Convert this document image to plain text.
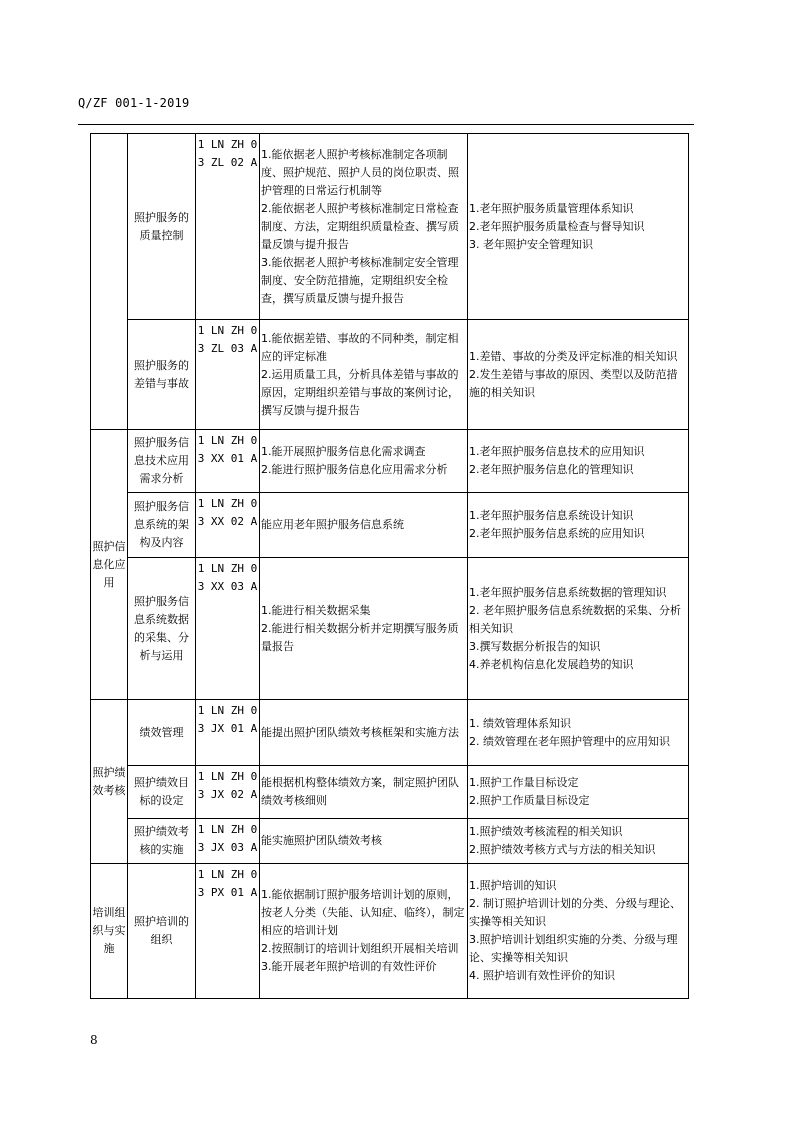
Q/ZF 001-1-2019
	照护服务的质量控制	1 LN ZH 03 ZL 02 A	1.能依据老人照护考核标准制定各项制度、照护规范、照护人员的岗位职责、照护管理的日常运行机制等
2.能依据老人照护考核标准制定日常检查制度、方法，定期组织质量检查、撰写质量反馈与提升报告
3.能依据老人照护考核标准制定安全管理制度、安全防范措施，定期组织安全检查，撰写质量反馈与提升报告	1.老年照护服务质量管理体系知识
2.老年照护服务质量检查与督导知识
3. 老年照护安全管理知识

	照护服务的差错与事故	1 LN ZH 03 ZL 03 A	1.能依据差错、事故的不同种类，制定相应的评定标准
2.运用质量工具，分析具体差错与事故的原因，定期组织差错与事故的案例讨论，撰写反馈与提升报告	1.差错、事故的分类及评定标准的相关知识
2.发生差错与事故的原因、类型以及防范措施的相关知识

照护信息化应用	照护服务信息技术应用需求分析	1 LN ZH 03 XX 01 A	1.能开展照护服务信息化需求调查
2.能进行照护服务信息化应用需求分析	1.老年照护服务信息技术的应用知识
2.老年照护服务信息化的管理知识

	照护服务信息系统的架构及内容	1 LN ZH 03 XX 02 A	能应用老年照护服务信息系统	1.老年照护服务信息系统设计知识
2.老年照护服务信息系统的应用知识

	照护服务信息系统数据的采集、分析与运用	1 LN ZH 03 XX 03 A	1.能进行相关数据采集
2.能进行相关数据分析并定期撰写服务质量报告	1.老年照护服务信息系统数据的管理知识
2. 老年照护服务信息系统数据的采集、分析相关知识
3.撰写数据分析报告的知识
4.养老机构信息化发展趋势的知识

照护绩效考核	绩效管理	1 LN ZH 03 JX 01 A	能提出照护团队绩效考核框架和实施方法	1. 绩效管理体系知识
2. 绩效管理在老年照护管理中的应用知识

	照护绩效目标的设定	1 LN ZH 03 JX 02 A	能根据机构整体绩效方案，制定照护团队绩效考核细则	1.照护工作量目标设定
2.照护工作质量目标设定

	照护绩效考核的实施	1 LN ZH 03 JX 03 A	能实施照护团队绩效考核	1.照护绩效考核流程的相关知识
2.照护绩效考核方式与方法的相关知识

培训组织与实施	照护培训的组织	1 LN ZH 03 PX 01 A	1.能依据制订照护服务培训计划的原则，按老人分类（失能、认知症、临终），制定相应的培训计划
2.按照制订的培训计划组织开展相关培训
3.能开展老年照护培训的有效性评价	1.照护培训的知识
2. 制订照护培训计划的分类、分级与理论、实操等相关知识
3.照护培训计划组织实施的分类、分级与理论、实操等相关知识
4. 照护培训有效性评价的知识
8
